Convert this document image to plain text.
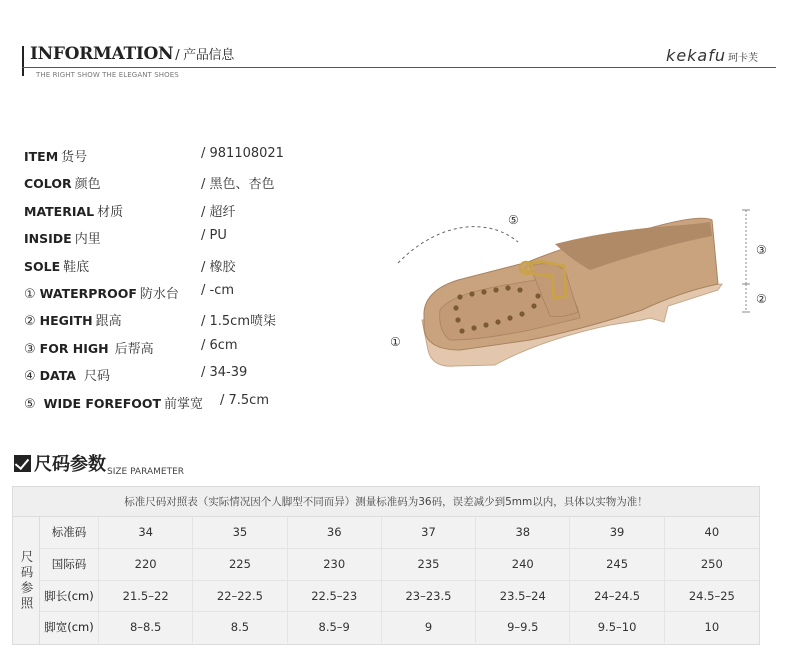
INFORMATION / 产品信息
THE RIGHT SHOW THE ELEGANT SHOES
kekafu 珂卡芙
ITEM 货号	/ 981108021
COLOR 颜色	/ 黑色、杏色
MATERIAL 材质	/ 超纤
INSIDE 内里	/ PU
SOLE 鞋底	/ 橡胶
① WATERPROOF 防水台 / -cm
② HEGITH 跟高	/ 1.5cm喷柒
③ FOR HIGH 后帮高	/ 6cm
④ DATA 尺码	/ 34-39
⑤ WIDE FOREFOOT 前掌宽 / 7.5cm
⑤
①
③
②
尺码参数$_{SIZE PARAMETER}$
标准尺码对照表（实际情况因个人脚型不同而异）测量标准码为36码，误差减少到5mm以内，具体以实物为准！
尺码参照
标准码	34	35	36	37	38	39	40
国际码	220	225	230	235	240	245	250
脚长(cm)	21.5–22	22–22.5	22.5–23	23–23.5	23.5–24	24–24.5	24.5–25
脚宽(cm)	8–8.5	8.5	8.5–9	9	9–9.5	9.5–10	10
